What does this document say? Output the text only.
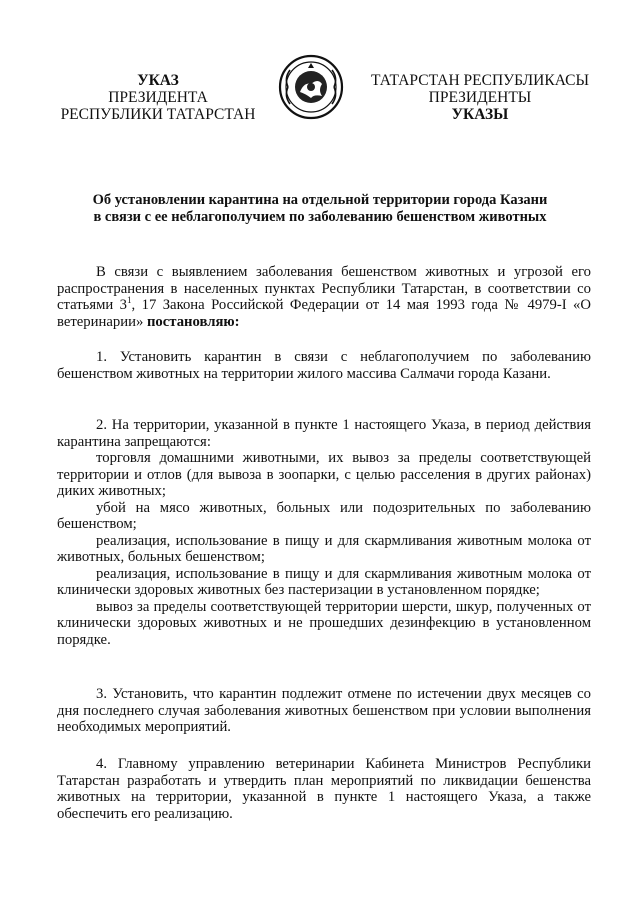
УКАЗ
ПРЕЗИДЕНТА
РЕСПУБЛИКИ ТАТАРСТАН
ТАТАРСТАН РЕСПУБЛИКАСЫ
ПРЕЗИДЕНТЫ
УКАЗЫ
Об установлении карантина на отдельной территории города Казани
в связи с ее неблагополучием по заболеванию бешенством животных

В связи с выявлением заболевания бешенством животных и угрозой его распространения в населенных пунктах Республики Татарстан, в соответствии со статьями $3^1$, 17 Закона Российской Федерации от 14 мая 1993 года № 4979-I «О ветеринарии» постановляю:

1. Установить карантин в связи с неблагополучием по заболеванию бешенством животных на территории жилого массива Салмачи города Казани.

2. На территории, указанной в пункте 1 настоящего Указа, в период действия карантина запрещаются:

торговля домашними животными, их вывоз за пределы соответствующей территории и отлов (для вывоза в зоопарки, с целью расселения в других районах) диких животных;

убой на мясо животных, больных или подозрительных по заболеванию бешенством;

реализация, использование в пищу и для скармливания животным молока от животных, больных бешенством;

реализация, использование в пищу и для скармливания животным молока от клинически здоровых животных без пастеризации в установленном порядке;

вывоз за пределы соответствующей территории шерсти, шкур, полученных от клинически здоровых животных и не прошедших дезинфекцию в установленном порядке.

3. Установить, что карантин подлежит отмене по истечении двух месяцев со дня последнего случая заболевания животных бешенством при условии выполнения необходимых мероприятий.

4. Главному управлению ветеринарии Кабинета Министров Республики Татарстан разработать и утвердить план мероприятий по ликвидации бешенства животных на территории, указанной в пункте 1 настоящего Указа, а также обеспечить его реализацию.
